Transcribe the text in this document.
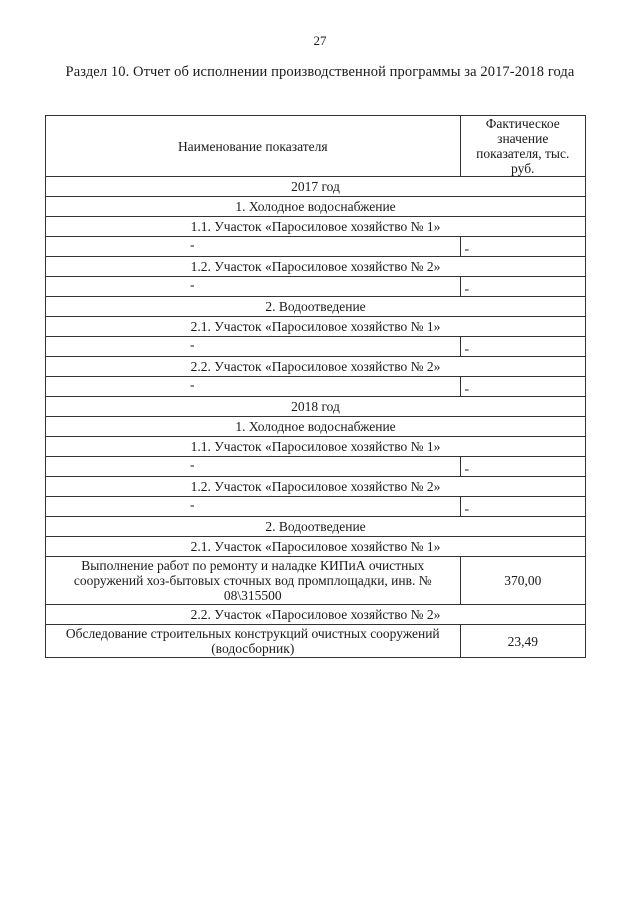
27
Раздел 10. Отчет об исполнении производственной программы за 2017-2018 года
Наименование показателя	Фактическое значение показателя, тыс. руб.
2017 год	
1. Холодное водоснабжение	
1.1. Участок «Паросиловое хозяйство № 1»	
-	-
1.2. Участок «Паросиловое хозяйство № 2»	
-	-
2. Водоотведение	
2.1. Участок «Паросиловое хозяйство № 1»	
-	-
2.2. Участок «Паросиловое хозяйство № 2»	
-	-
2018 год	
1. Холодное водоснабжение	
1.1. Участок «Паросиловое хозяйство № 1»	
-	-
1.2. Участок «Паросиловое хозяйство № 2»	
-	-
2. Водоотведение	
2.1. Участок «Паросиловое хозяйство № 1»	
Выполнение работ по ремонту и наладке КИПиА очистных сооружений хоз-бытовых сточных вод промплощадки, инв. № 08\315500	370,00
2.2. Участок «Паросиловое хозяйство № 2»	
Обследование строительных конструкций очистных сооружений (водосборник)	23,49
